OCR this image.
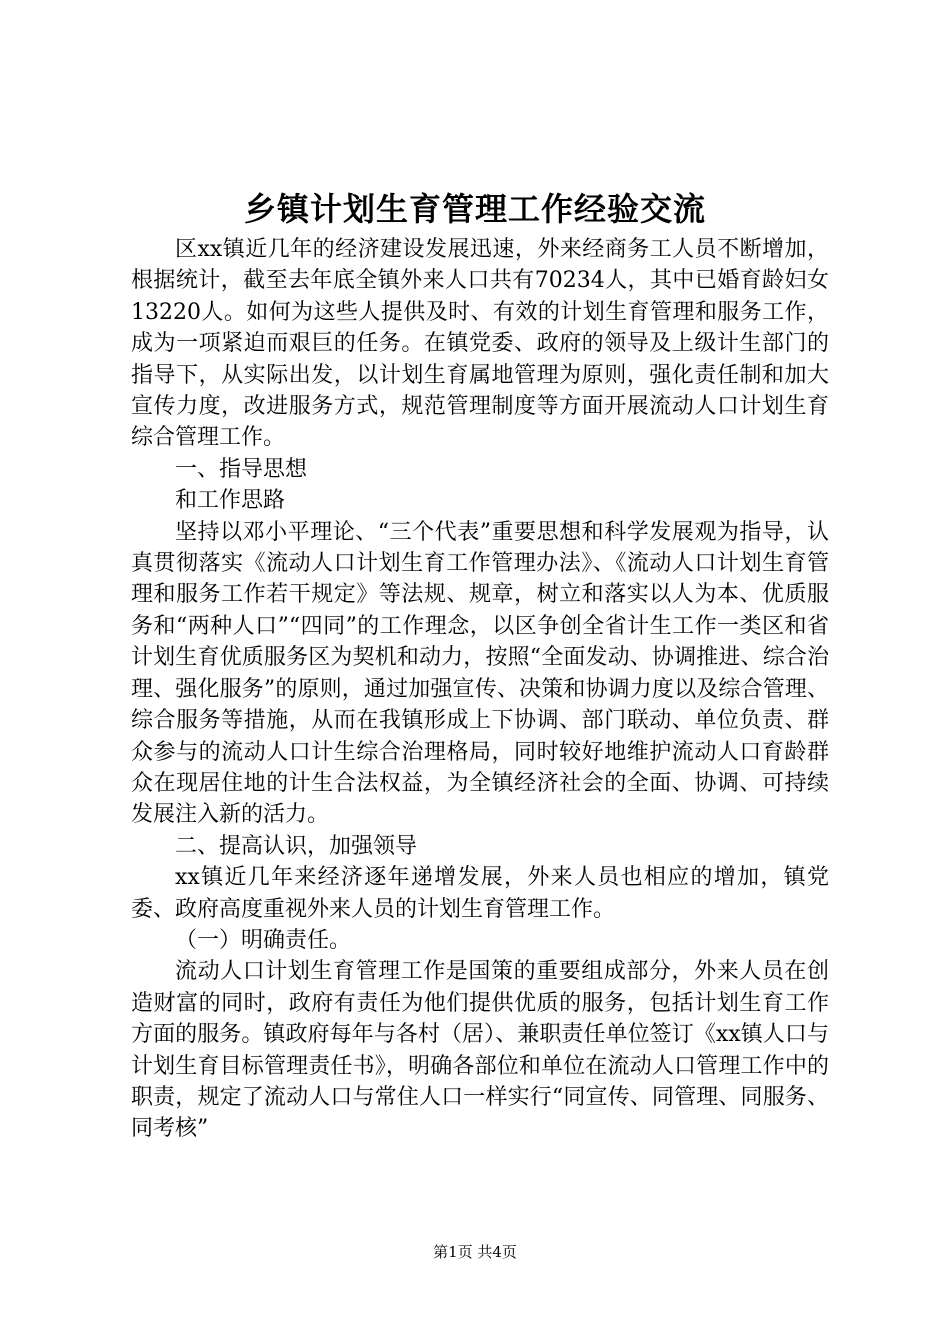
乡镇计划生育管理工作经验交流

区xx镇近几年的经济建设发展迅速，外来经商务工人员不断增加，根据统计，截至去年底全镇外来人口共有70234人，其中已婚育龄妇女13220人。如何为这些人提供及时、有效的计划生育管理和服务工作，成为一项紧迫而艰巨的任务。在镇党委、政府的领导及上级计生部门的指导下，从实际出发，以计划生育属地管理为原则，强化责任制和加大宣传力度，改进服务方式，规范管理制度等方面开展流动人口计划生育综合管理工作。

一、指导思想

和工作思路

坚持以邓小平理论、“三个代表”重要思想和科学发展观为指导，认真贯彻落实《流动人口计划生育工作管理办法》、《流动人口计划生育管理和服务工作若干规定》等法规、规章，树立和落实以人为本、优质服务和“两种人口”“四同”的工作理念，以区争创全省计生工作一类区和省计划生育优质服务区为契机和动力，按照“全面发动、协调推进、综合治理、强化服务”的原则，通过加强宣传、决策和协调力度以及综合管理、综合服务等措施，从而在我镇形成上下协调、部门联动、单位负责、群众参与的流动人口计生综合治理格局，同时较好地维护流动人口育龄群众在现居住地的计生合法权益，为全镇经济社会的全面、协调、可持续发展注入新的活力。

二、提高认识，加强领导

xx镇近几年来经济逐年递增发展，外来人员也相应的增加，镇党委、政府高度重视外来人员的计划生育管理工作。

（一）明确责任。

流动人口计划生育管理工作是国策的重要组成部分，外来人员在创造财富的同时，政府有责任为他们提供优质的服务，包括计划生育工作方面的服务。镇政府每年与各村（居）、兼职责任单位签订《xx镇人口与计划生育目标管理责任书》，明确各部位和单位在流动人口管理工作中的职责，规定了流动人口与常住人口一样实行“同宣传、同管理、同服务、同考核”

第1页 共4页
